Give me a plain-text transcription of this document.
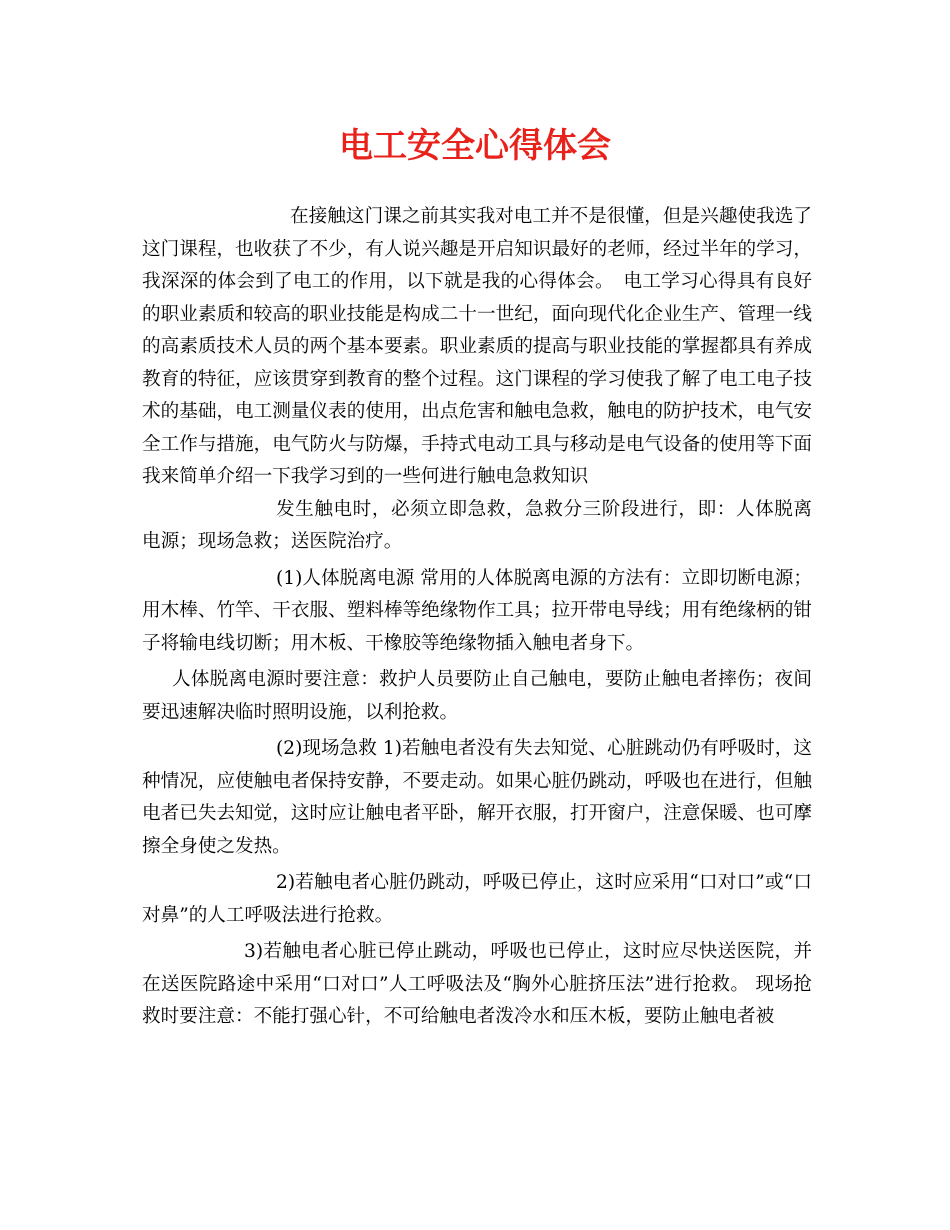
电工安全心得体会

在接触这门课之前其实我对电工并不是很懂，但是兴趣使我选了这门课程，也收获了不少，有人说兴趣是开启知识最好的老师，经过半年的学习，我深深的体会到了电工的作用，以下就是我的心得体会。　电工学习心得具有良好的职业素质和较高的职业技能是构成二十一世纪，面向现代化企业生产、管理一线的高素质技术人员的两个基本要素。职业素质的提高与职业技能的掌握都具有养成教育的特征，应该贯穿到教育的整个过程。这门课程的学习使我了解了电工电子技术的基础，电工测量仪表的使用，出点危害和触电急救，触电的防护技术，电气安全工作与措施，电气防火与防爆，手持式电动工具与移动是电气设备的使用等下面我来简单介绍一下我学习到的一些何进行触电急救知识

发生触电时，必须立即急救，急救分三阶段进行，即：人体脱离电源；现场急救；送医院治疗。

(1)人体脱离电源 常用的人体脱离电源的方法有：立即切断电源；用木棒、竹竿、干衣服、塑料棒等绝缘物作工具；拉开带电导线；用有绝缘柄的钳子将输电线切断；用木板、干橡胶等绝缘物插入触电者身下。

人体脱离电源时要注意：救护人员要防止自己触电，要防止触电者摔伤；夜间要迅速解决临时照明设施，以利抢救。

(2)现场急救 1)若触电者没有失去知觉、心脏跳动仍有呼吸时，这种情况，应使触电者保持安静，不要走动。如果心脏仍跳动，呼吸也在进行，但触电者已失去知觉，这时应让触电者平卧，解开衣服，打开窗户，注意保暖、也可摩擦全身使之发热。

2)若触电者心脏仍跳动，呼吸已停止，这时应采用“口对口”或“口对鼻”的人工呼吸法进行抢救。

3)若触电者心脏已停止跳动，呼吸也已停止，这时应尽快送医院，并在送医院路途中采用“口对口”人工呼吸法及“胸外心脏挤压法”进行抢救。 现场抢救时要注意：不能打强心针，不可给触电者泼冷水和压木板，要防止触电者被
